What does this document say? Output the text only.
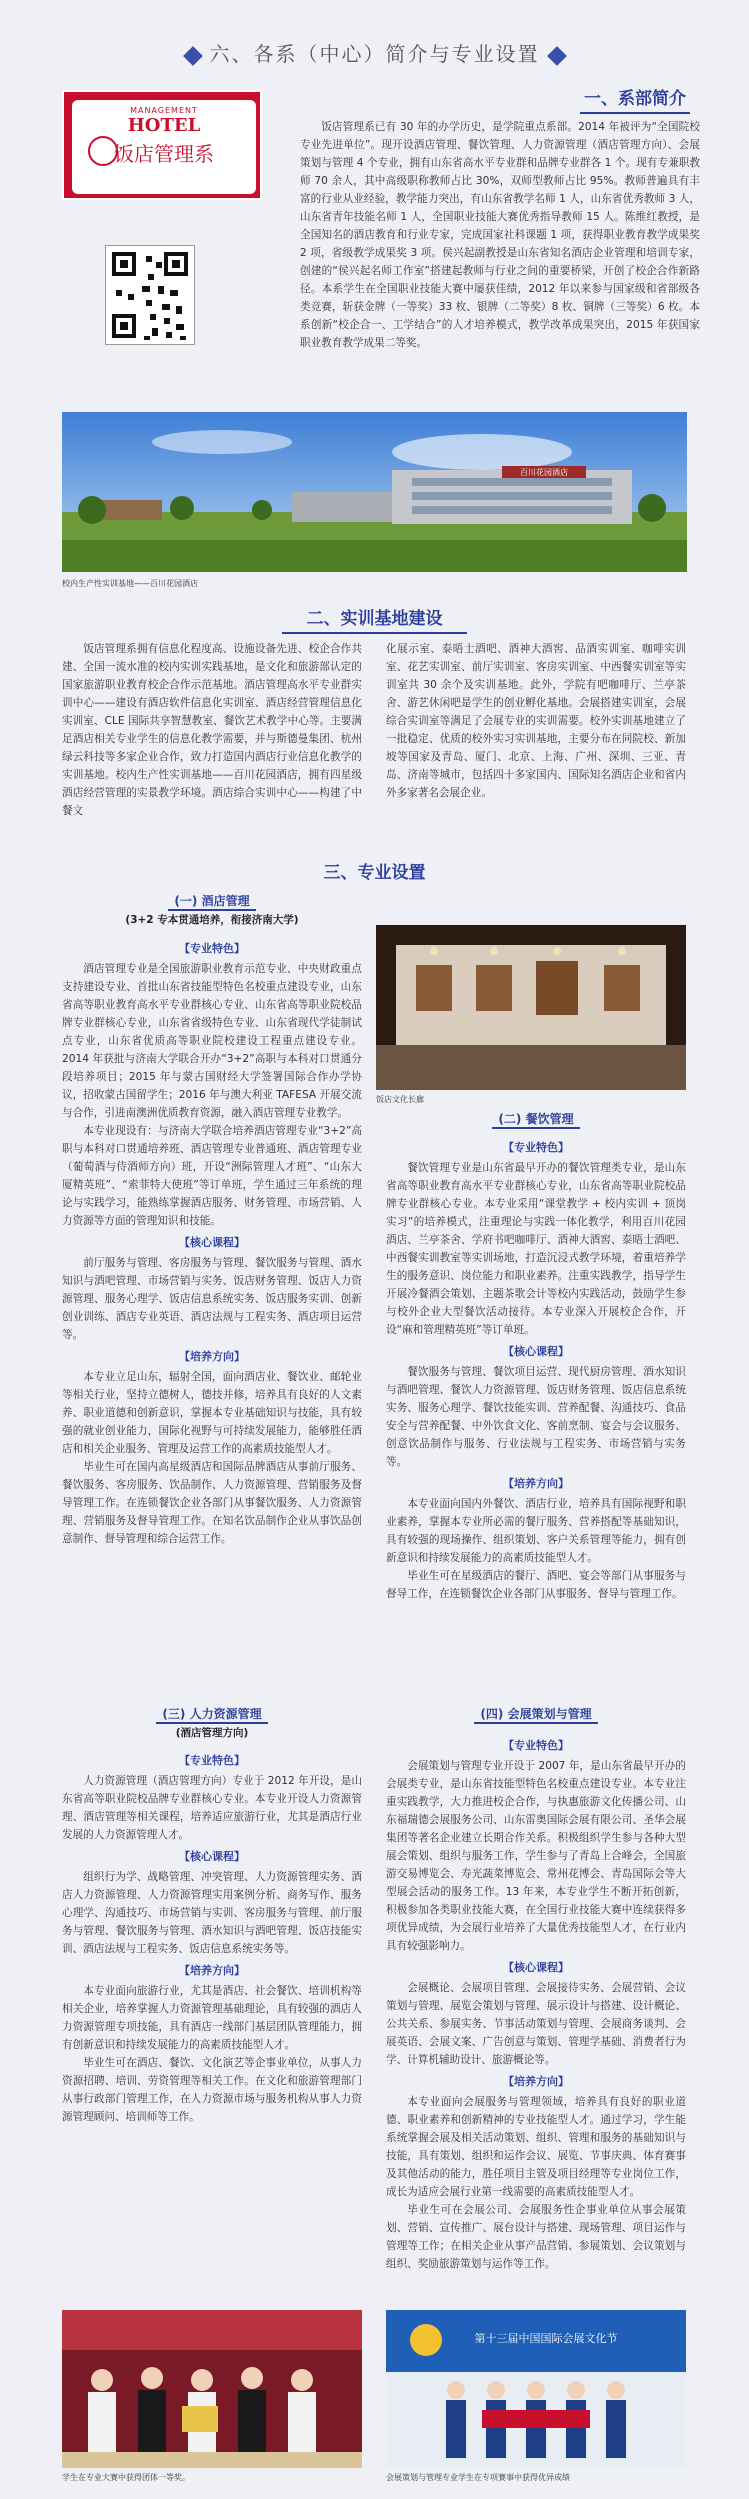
六、各系（中心）简介与专业设置
一、系部简介
MANAGEMENT
HOTEL
饭店管理系
饭店管理系已有 30 年的办学历史，是学院重点系部。2014 年被评为“全国院校专业先进单位”。现开设酒店管理、餐饮管理、人力资源管理（酒店管理方向）、会展策划与管理 4 个专业，拥有山东省高水平专业群和品牌专业群各 1 个。现有专兼职教师 70 余人，其中高级职称教师占比 30%，双师型教师占比 95%。教师普遍具有丰富的行业从业经验，教学能力突出，有山东省教学名师 1 人，山东省优秀教师 3 人，山东省青年技能名师 1 人，全国职业技能大赛优秀指导教师 15 人。陈维红教授，是全国知名的酒店教育和行业专家，完成国家社科课题 1 项，获得职业教育教学成果奖 2 项，省级教学成果奖 3 项。侯兴起副教授是山东省知名酒店企业管理和培训专家，创建的“侯兴起名师工作室”搭建起教师与行业之间的重要桥梁，开创了校企合作新路径。本系学生在全国职业技能大赛中屡获佳绩，2012 年以来参与国家级和省部级各类竞赛，斩获金牌（一等奖）33 枚、银牌（二等奖）8 枚、铜牌（三等奖）6 枚。本系创新“校企合一、工学结合”的人才培养模式，教学改革成果突出，2015 年获国家职业教育教学成果二等奖。
百川花园酒店
校内生产性实训基地——百川花园酒店
二、实训基地建设
饭店管理系拥有信息化程度高、设施设备先进、校企合作共建、全国一流水准的校内实训实践基地，是文化和旅游部认定的国家旅游职业教育校企合作示范基地。酒店管理高水平专业群实训中心——建设有酒店软件信息化实训室、酒店经营管理信息化实训室、CLE 国际共享智慧教室、餐饮艺术教学中心等。主要满足酒店相关专业学生的信息化教学需要，并与斯德曼集团、杭州绿云科技等多家企业合作，致力打造国内酒店行业信息化教学的实训基地。校内生产性实训基地——百川花园酒店，拥有四星级酒店经营管理的实景教学环境。酒店综合实训中心——构建了中餐文
化展示室、泰晤士酒吧、酒神大酒窖、品酒实训室、咖啡实训室、花艺实训室、前厅实训室、客房实训室、中西餐实训室等实训室共 30 余个及实训基地。此外，学院有吧咖啡厅、兰亭茶舍、游艺休闲吧是学生的创业孵化基地。会展搭建实训室，会展综合实训室等满足了会展专业的实训需要。校外实训基地建立了一批稳定、优质的校外实习实训基地，主要分布在同院校、新加坡等国家及青岛、厦门、北京、上海、广州、深圳、三亚、青岛、济南等城市，包括四十多家国内、国际知名酒店企业和省内外多家著名会展企业。
三、专业设置
(一) 酒店管理
(3+2 专本贯通培养，衔接济南大学)
【专业特色】
酒店管理专业是全国旅游职业教育示范专业、中央财政重点支持建设专业、首批山东省技能型特色名校重点建设专业，山东省高等职业教育高水平专业群核心专业、山东省高等职业院校品牌专业群核心专业，山东省省级特色专业、山东省现代学徒制试点专业，山东省优质高等职业院校建设工程重点建设专业。2014 年获批与济南大学联合开办“3+2”高职与本科对口贯通分段培养项目；2015 年与蒙古国财经大学签署国际合作办学协议，招收蒙古国留学生；2016 年与澳大利亚 TAFESA 开展交流与合作，引进南澳洲优质教育资源，融入酒店管理专业教学。
本专业现设有：与济南大学联合培养酒店管理专业“3+2”高职与本科对口贯通培养班、酒店管理专业普通班、酒店管理专业（葡萄酒与侍酒师方向）班，开设“洲际管理人才班”、“山东大厦精英班”、“索菲特大使班”等订单班，学生通过三年系统的理论与实践学习，能熟练掌握酒店服务、财务管理、市场营销、人力资源等方面的管理知识和技能。
【核心课程】
前厅服务与管理、客房服务与管理、餐饮服务与管理、酒水知识与酒吧管理、市场营销与实务、饭店财务管理、饭店人力资源管理、服务心理学、饭店信息系统实务、饭店服务实训、创新创业训练、酒店专业英语、酒店法规与工程实务、酒店项目运营等。
【培养方向】
本专业立足山东，辐射全国，面向酒店业、餐饮业、邮轮业等相关行业，坚持立德树人，德技并修，培养具有良好的人文素养、职业道德和创新意识，掌握本专业基础知识与技能，具有较强的就业创业能力，国际化视野与可持续发展能力，能够胜任酒店和相关企业服务、管理及运营工作的高素质技能型人才。
毕业生可在国内高星级酒店和国际品牌酒店从事前厅服务、餐饮服务、客房服务、饮品制作、人力资源管理、营销服务及督导管理工作。在连锁餐饮企业各部门从事餐饮服务、人力资源管理、营销服务及督导管理工作。在知名饮品制作企业从事饮品创意制作、督导管理和综合运营工作。
饭店文化长廊
(二) 餐饮管理
【专业特色】
餐饮管理专业是山东省最早开办的餐饮管理类专业，是山东省高等职业教育高水平专业群核心专业，山东省高等职业院校品牌专业群核心专业。本专业采用“课堂教学 + 校内实训 + 顶岗实习”的培养模式，注重理论与实践一体化教学，利用百川花园酒店、兰亭茶舍、学府书吧咖啡厅、酒神大酒窖、泰晤士酒吧、中西餐实训教室等实训场地，打造沉浸式教学环境，着重培养学生的服务意识、岗位能力和职业素养。注重实践教学，指导学生开展冷餐酒会策划、主题茶歌会计等校内实践活动，鼓励学生参与校外企业大型餐饮活动接待。本专业深入开展校企合作，开设“麻和管理精英班”等订单班。
【核心课程】
餐饮服务与管理、餐饮项目运营、现代厨房管理、酒水知识与酒吧管理、餐饮人力资源管理、饭店财务管理、饭店信息系统实务、服务心理学、餐饮技能实训、营养配餐、沟通技巧、食品安全与营养配餐、中外饮食文化、客前烹制、宴会与会议服务、创意饮品制作与服务、行业法规与工程实务、市场营销与实务等。
【培养方向】
本专业面向国内外餐饮、酒店行业，培养具有国际视野和职业素养，掌握本专业所必需的餐厅服务、营养搭配等基础知识，具有较强的现场操作、组织策划、客户关系管理等能力，拥有创新意识和持续发展能力的高素质技能型人才。
毕业生可在星级酒店的餐厅、酒吧、宴会等部门从事服务与督导工作，在连锁餐饮企业各部门从事服务、督导与管理工作。
(三) 人力资源管理
(酒店管理方向)
【专业特色】
人力资源管理（酒店管理方向）专业于 2012 年开设，是山东省高等职业院校品牌专业群核心专业。本专业开设人力资源管理、酒店管理等相关课程，培养适应旅游行业，尤其是酒店行业发展的人力资源管理人才。
【核心课程】
组织行为学、战略管理、冲突管理、人力资源管理实务、酒店人力资源管理、人力资源管理实用案例分析、商务写作、服务心理学、沟通技巧、市场营销与实训、客房服务与管理、前厅服务与管理、餐饮服务与管理、酒水知识与酒吧管理、饭店技能实训、酒店法规与工程实务、饭店信息系统实务等。
【培养方向】
本专业面向旅游行业，尤其是酒店、社会餐饮、培训机构等相关企业，培养掌握人力资源管理基础理论，具有较强的酒店人力资源管理专项技能，具有酒店一线部门基层团队管理能力，拥有创新意识和持续发展能力的高素质技能型人才。
毕业生可在酒店、餐饮、文化演艺等企事业单位，从事人力资源招聘、培训、劳资管理等相关工作。在文化和旅游管理部门从事行政部门管理工作，在人力资源市场与服务机构从事人力资源管理顾问、培训师等工作。
(四) 会展策划与管理
【专业特色】
会展策划与管理专业开设于 2007 年，是山东省最早开办的会展类专业，是山东省技能型特色名校重点建设专业。本专业注重实践教学，大力推进校企合作，与执惠旅游文化传播公司、山东福瑞德会展服务公司、山东雷奥国际会展有限公司、圣华会展集团等著名企业建立长期合作关系。积极组织学生参与各种大型展会策划、组织与服务工作，学生参与了青岛上合峰会，全国旅游交易博览会、寿光蔬菜博览会、常州花博会、青岛国际会等大型展会活动的服务工作。13 年来，本专业学生不断开拓创新，积极参加各类职业技能大赛，在全国行业技能大赛中连续获得多项优异成绩，为会展行业培养了大量优秀技能型人才，在行业内具有较强影响力。
【核心课程】
会展概论、会展项目管理、会展接待实务、会展营销、会议策划与管理、展览会策划与管理、展示设计与搭建、设计概论、公共关系、参展实务、节事活动策划与管理、会展商务谈判、会展英语、会展文案、广告创意与策划、管理学基础、消费者行为学、计算机辅助设计、旅游概论等。
【培养方向】
本专业面向会展服务与管理领域，培养具有良好的职业道德、职业素养和创新精神的专业技能型人才。通过学习，学生能系统掌握会展及相关活动策划、组织、管理和服务的基础知识与技能，具有策划、组织和运作会议、展览、节事庆典、体育赛事及其他活动的能力，胜任项目主管及项目经理等专业岗位工作，成长为适应会展行业第一线需要的高素质技能型人才。
毕业生可在会展公司、会展服务性企事业单位从事会展策划、营销、宣传推广、展台设计与搭建、现场管理、项目运作与管理等工作；在相关企业从事产品营销、参展策划、会议策划与组织、奖励旅游策划与运作等工作。
第十三届中国国际会展文化节
学生在专业大赛中获得团体一等奖。	会展策划与管理专业学生在专项赛事中获得优异成绩
